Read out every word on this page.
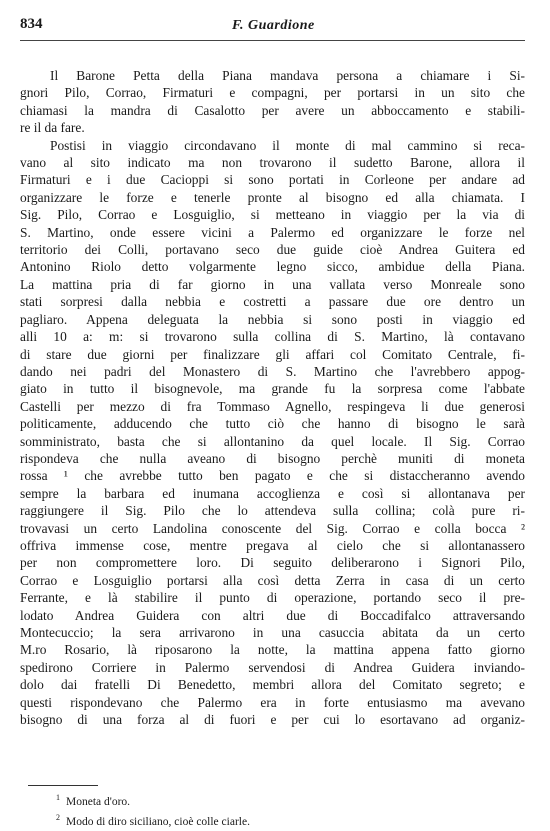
834	F. Guardione
Il Barone Petta della Piana mandava persona a chiamare i Si-
gnori Pilo, Corrao, Firmaturi e compagni, per portarsi in un sito che
chiamasi la mandra di Casalotto per avere un abboccamento e stabili-
re il da fare.
Postisi in viaggio circondavano il monte di mal cammino si reca-
vano al sito indicato ma non trovarono il sudetto Barone, allora il
Firmaturi e i due Cacioppi si sono portati in Corleone per andare ad
organizzare le forze e tenerle pronte al bisogno ed alla chiamata. I
Sig. Pilo, Corrao e Losguiglio, si metteano in viaggio per la via di
S. Martino, onde essere vicini a Palermo ed organizzare le forze nel
territorio dei Colli, portavano seco due guide cioè Andrea Guitera ed
Antonino Riolo detto volgarmente legno sicco, ambidue della Piana.
La mattina pria di far giorno in una vallata verso Monreale sono
stati sorpresi dalla nebbia e costretti a passare due ore dentro un
pagliaro. Appena deleguata la nebbia si sono posti in viaggio ed
alli 10 a: m: si trovarono sulla collina di S. Martino, là contavano
di stare due giorni per finalizzare gli affari col Comitato Centrale, fi-
dando nei padri del Monastero di S. Martino che l'avrebbero appog-
giato in tutto il bisognevole, ma grande fu la sorpresa come l'abbate
Castelli per mezzo di fra Tommaso Agnello, respingeva li due generosi
politicamente, adducendo che tutto ciò che hanno di bisogno le sarà
somministrato, basta che si allontanino da quel locale. Il Sig. Corrao
rispondeva che nulla aveano di bisogno perchè muniti di moneta
rossa ¹ che avrebbe tutto ben pagato e che si distaccheranno avendo
sempre la barbara ed inumana accoglienza e così si allontanava per
raggiungere il Sig. Pilo che lo attendeva sulla collina; colà pure ri-
trovavasi un certo Landolina conoscente del Sig. Corrao e colla bocca ²
offriva immense cose, mentre pregava al cielo che si allontanassero
per non compromettere loro. Di seguito deliberarono i Signori Pilo,
Corrao e Losguiglio portarsi alla così detta Zerra in casa di un certo
Ferrante, e là stabilire il punto di operazione, portando seco il pre-
lodato Andrea Guidera con altri due di Boccadifalco attraversando
Montecuccio; la sera arrivarono in una casuccia abitata da un certo
M.ro Rosario, là riposarono la notte, la mattina appena fatto giorno
spedirono Corriere in Palermo servendosi di Andrea Guidera inviando-
dolo dai fratelli Di Benedetto, membri allora del Comitato segreto; e
questi rispondevano che Palermo era in forte entusiasmo ma avevano
bisogno di una forza al di fuori e per cui lo esortavano ad organiz-
$^1$ Moneta d'oro.
$^2$ Modo di diro siciliano, cioè colle ciarle.
